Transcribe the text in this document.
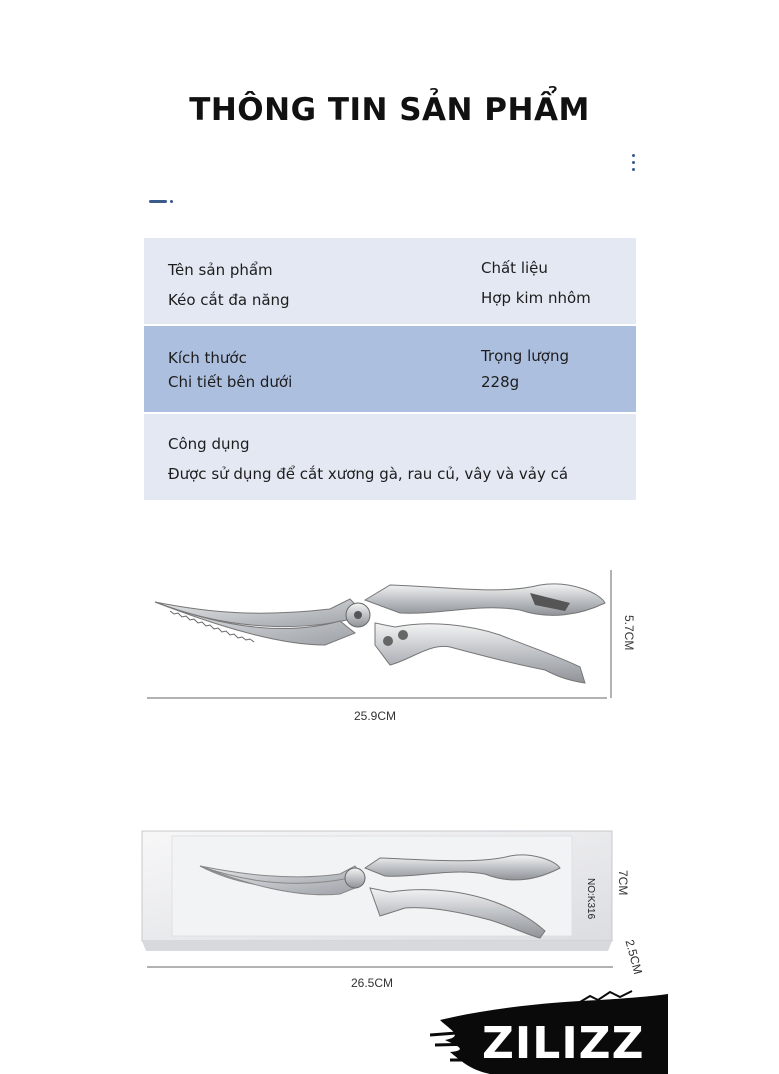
THÔNG TIN SẢN PHẨM
Tên sản phẩm
Kéo cắt đa năng
Chất liệu
Hợp kim nhôm
Kích thước
Chi tiết bên dưới
Trọng lượng
228g
Công dụng
Được sử dụng để cắt xương gà, rau củ, vây và vảy cá
25.9CM
5.7CM
NO:K316
26.5CM
7CM
2.5CM
ZILIZZ
